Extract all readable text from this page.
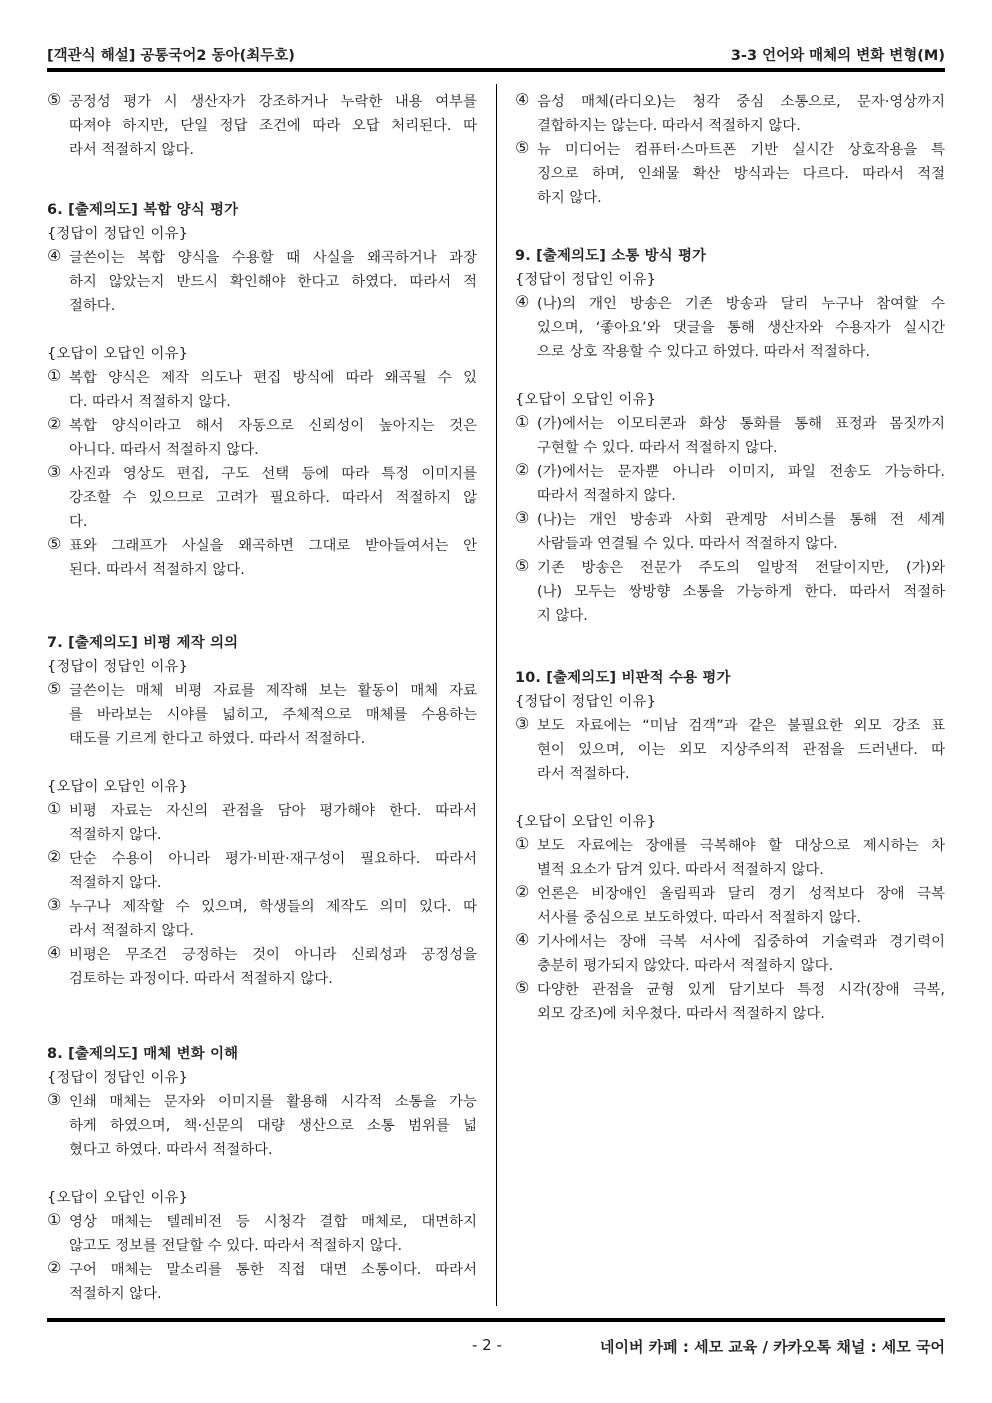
[객관식 해설] 공통국어2 동아(최두호)	3-3 언어와 매체의 변화 변형(M)
⑤ 공정성 평가 시 생산자가 강조하거나 누락한 내용 여부를
따져야 하지만, 단일 정답 조건에 따라 오답 처리된다. 따
라서 적절하지 않다.
6. [출제의도] 복합 양식 평가
{정답이 정답인 이유}
④ 글쓴이는 복합 양식을 수용할 때 사실을 왜곡하거나 과장
하지 않았는지 반드시 확인해야 한다고 하였다. 따라서 적
절하다.
{오답이 오답인 이유}
① 복합 양식은 제작 의도나 편집 방식에 따라 왜곡될 수 있
다. 따라서 적절하지 않다.
② 복합 양식이라고 해서 자동으로 신뢰성이 높아지는 것은
아니다. 따라서 적절하지 않다.
③ 사진과 영상도 편집, 구도 선택 등에 따라 특정 이미지를
강조할 수 있으므로 고려가 필요하다. 따라서 적절하지 않
다.
⑤ 표와 그래프가 사실을 왜곡하면 그대로 받아들여서는 안
된다. 따라서 적절하지 않다.
7. [출제의도] 비평 제작 의의
{정답이 정답인 이유}
⑤ 글쓴이는 매체 비평 자료를 제작해 보는 활동이 매체 자료
를 바라보는 시야를 넓히고, 주체적으로 매체를 수용하는
태도를 기르게 한다고 하였다. 따라서 적절하다.
{오답이 오답인 이유}
① 비평 자료는 자신의 관점을 담아 평가해야 한다. 따라서
적절하지 않다.
② 단순 수용이 아니라 평가·비판·재구성이 필요하다. 따라서
적절하지 않다.
③ 누구나 제작할 수 있으며, 학생들의 제작도 의미 있다. 따
라서 적절하지 않다.
④ 비평은 무조건 긍정하는 것이 아니라 신뢰성과 공정성을
검토하는 과정이다. 따라서 적절하지 않다.
8. [출제의도] 매체 변화 이해
{정답이 정답인 이유}
③ 인쇄 매체는 문자와 이미지를 활용해 시각적 소통을 가능
하게 하였으며, 책·신문의 대량 생산으로 소통 범위를 넓
혔다고 하였다. 따라서 적절하다.
{오답이 오답인 이유}
① 영상 매체는 텔레비전 등 시청각 결합 매체로, 대면하지
않고도 정보를 전달할 수 있다. 따라서 적절하지 않다.
② 구어 매체는 말소리를 통한 직접 대면 소통이다. 따라서
적절하지 않다.
④ 음성 매체(라디오)는 청각 중심 소통으로, 문자·영상까지
결합하지는 않는다. 따라서 적절하지 않다.
⑤ 뉴 미디어는 컴퓨터·스마트폰 기반 실시간 상호작용을 특
징으로 하며, 인쇄물 확산 방식과는 다르다. 따라서 적절
하지 않다.
9. [출제의도] 소통 방식 평가
{정답이 정답인 이유}
④ (나)의 개인 방송은 기존 방송과 달리 누구나 참여할 수
있으며, ‘좋아요’와 댓글을 통해 생산자와 수용자가 실시간
으로 상호 작용할 수 있다고 하였다. 따라서 적절하다.
{오답이 오답인 이유}
① (가)에서는 이모티콘과 화상 통화를 통해 표정과 몸짓까지
구현할 수 있다. 따라서 적절하지 않다.
② (가)에서는 문자뿐 아니라 이미지, 파일 전송도 가능하다.
따라서 적절하지 않다.
③ (나)는 개인 방송과 사회 관계망 서비스를 통해 전 세계
사람들과 연결될 수 있다. 따라서 적절하지 않다.
⑤ 기존 방송은 전문가 주도의 일방적 전달이지만, (가)와
(나) 모두는 쌍방향 소통을 가능하게 한다. 따라서 적절하
지 않다.
10. [출제의도] 비판적 수용 평가
{정답이 정답인 이유}
③ 보도 자료에는 “미남 검객”과 같은 불필요한 외모 강조 표
현이 있으며, 이는 외모 지상주의적 관점을 드러낸다. 따
라서 적절하다.
{오답이 오답인 이유}
① 보도 자료에는 장애를 극복해야 할 대상으로 제시하는 차
별적 요소가 담겨 있다. 따라서 적절하지 않다.
② 언론은 비장애인 올림픽과 달리 경기 성적보다 장애 극복
서사를 중심으로 보도하였다. 따라서 적절하지 않다.
④ 기사에서는 장애 극복 서사에 집중하여 기술력과 경기력이
충분히 평가되지 않았다. 따라서 적절하지 않다.
⑤ 다양한 관점을 균형 있게 담기보다 특정 시각(장애 극복,
외모 강조)에 치우쳤다. 따라서 적절하지 않다.
- 2 -	네이버 카페 : 세모 교육 / 카카오톡 채널 : 세모 국어
